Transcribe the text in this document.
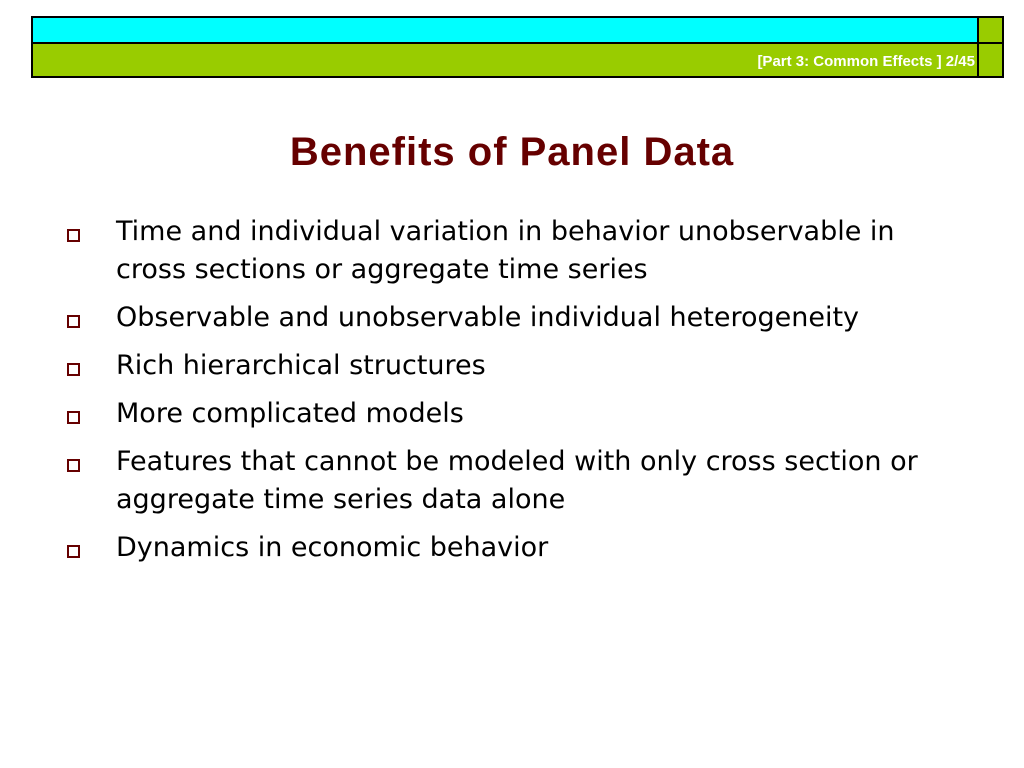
[Part 3: Common Effects ] 2/45
Benefits of Panel Data
Time and individual variation in behavior unobservable in cross sections or aggregate time series
Observable and unobservable individual heterogeneity
Rich hierarchical structures
More complicated models
Features that cannot be modeled with only cross section or aggregate time series data alone
Dynamics in economic behavior
